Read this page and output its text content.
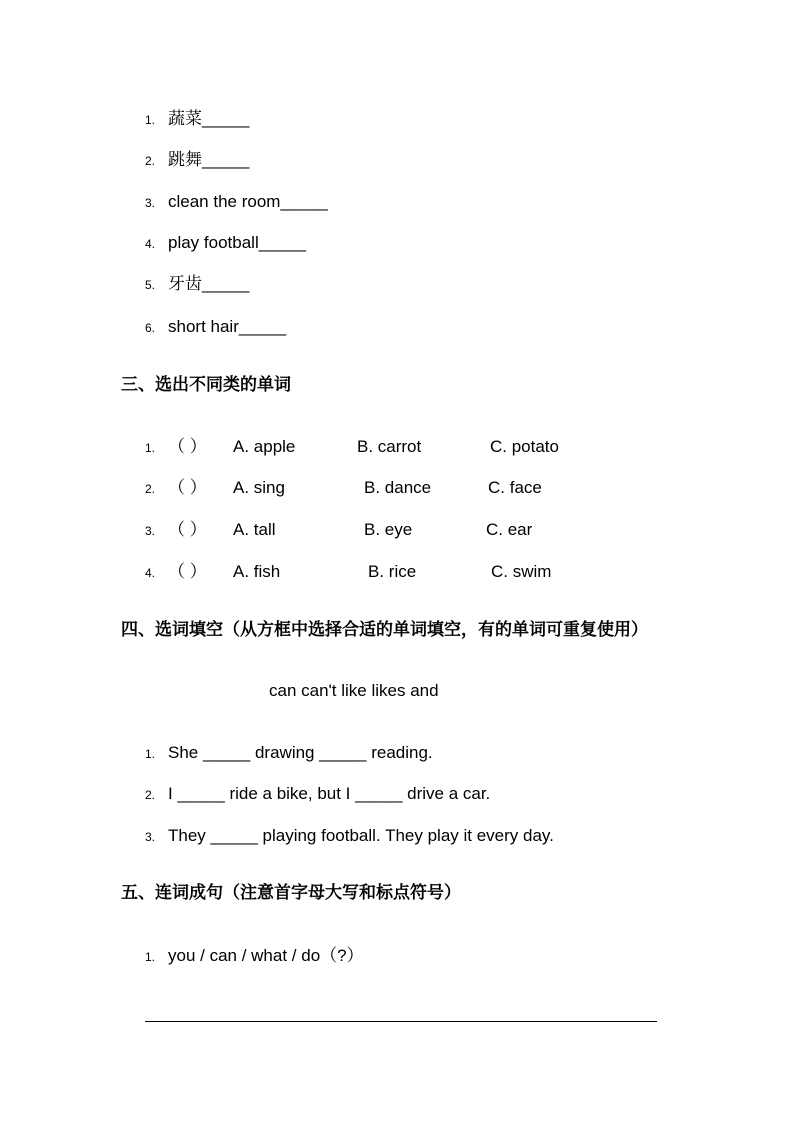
1. 蔬菜_____
2. 跳舞_____
3. clean the room_____
4. play football_____
5. 牙齿_____
6. short hair_____
三、选出不同类的单词
1. （ ） A. apple	B. carrot	C. potato
2. （ ） A. sing	B. dance	C. face
3. （ ） A. tall	B. eye	C. ear
4. （ ） A. fish	B. rice	C. swim
四、选词填空（从方框中选择合适的单词填空，有的单词可重复使用）
can can't like likes and
1. She _____ drawing _____ reading.
2. I _____ ride a bike, but I _____ drive a car.
3. They _____ playing football. They play it every day.
五、连词成句（注意首字母大写和标点符号）
1. you / can / what / do（?）
